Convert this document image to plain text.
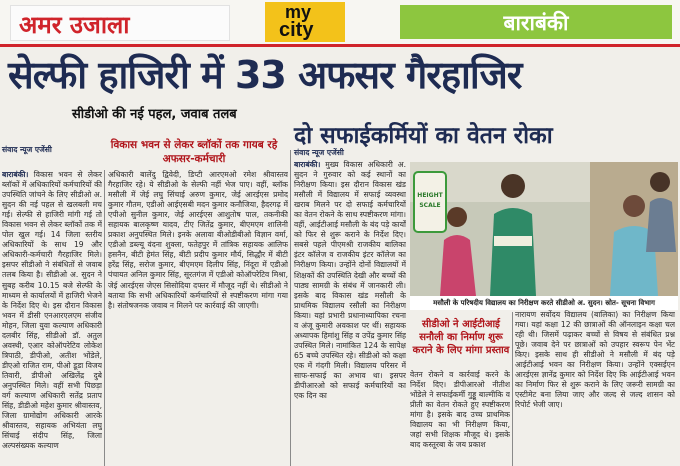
अमर उजाला	my
city	बाराबंकी
सेल्फी हाजिरी में 33 अफसर गैरहाजिर
सीडीओ की नई पहल, जवाब तलब
दो सफाईकर्मियों का वेतन रोका
विकास भवन से लेकर ब्लॉकों तक गायब रहे अफसर-कर्मचारी
संवाद न्यूज एजेंसी

बाराबंकी। विकास भवन से लेकर ब्लॉकों में अधिकारियों कर्मचारियों की उपस्थिति जांचने के लिए सीडीओ अ. सुदन की नई पहल से खलबली मच गई। सेल्फी से हाजिरी मांगी गई तो विकास भवन से लेकर ब्लॉकों तक में पोल खुल गई। 14 जिला स्तरीय अधिकारियों के साथ 19 और अधिकारी-कर्मचारी गैरहाजिर मिले। इसपर सीडीओ ने संबंधितों से जवाब तलब किया है। सीडीओ अ. सुदन ने सुबह करीब 10.15 बजे सेल्फी के माध्यम से कार्यालयों में हाजिरी भेजने के निर्देश दिए थे। इस दौरान विकास भवन में डीसी एनआरएलएम संजीव मोहन, जिला युवा कल्याण अधिकारी दलबीर सिंह, सीडीओ डॉ. अतुल अवस्थी, एआर कोऑपरेटिव लोकेश त्रिपाठी, डीपीओ, अतीश भोंडेले, डीएओ राजित राम, पीओ डूडा विजय तिवारी, डीपीओ अखिलेंद्र दुबे अनुपस्थित मिले। वहीं सभी पिछड़ा वर्ग कल्याण अधिकारी सतेंद्र प्रताप सिंह, डीडीओ महेश कुमार श्रीवास्तव, जिला ग्रामोद्योग अधिकारी आरके श्रीवास्तव, सहायक अभियंता लघु सिंचाई संदीप सिंह, जिला अल्पसंख्यक कल्याण

अधिकारी बालेंदु द्विवेदी, डिप्टी आरएमओ रमेश श्रीवास्तव गैरहाजिर रहे। ये सीडीओ के सेल्फी नहीं भेज पाए। वहीं, ब्लॉक मसौली में जेई लघु सिंचाई अरुण कुमार, जेई आरईएस प्रमोद कुमार गौतम, एडीओ आईएसबी मदन कुमार कनौजिया, हैदरगढ़ में एपीओ सुनील कुमार, जेई आरईएस आशुतोष पाल, तकनीकी सहायक बालकृष्ण यादव, टीए जितेंद्र कुमार, बीएमएम शालिनी प्रकाश अनुपस्थित मिले। इनके अलावा बीओडीबीओ विज्ञान वर्मा, एडीओ डब्ल्यू वंदना शुक्ला, फतेहपुर में तांत्रिक सहायक आलिफ हसनैन, बीटी हेमंत सिंह, बीटी प्रदीप कुमार मौर्य, सिद्धौर में बीटी हरेंद्र सिंह, सरोज कुमार, बीएमएम दिलीप सिंह, निंदूरा में एडीओ पंचायत अनिल कुमार सिंह, सूरतगंज में एडीओ कोऑपरेटिव मिश्रा, जेई आरईएस जेएस सिसोदिया दफ्तर में मौजूद नहीं थे। सीडीओ ने बताया कि सभी अधिकारियों कर्मचारियों से स्पष्टीकरण मांगा गया है। संतोषजनक जवाब न मिलने पर कार्रवाई की जाएगी।

संवाद न्यूज एजेंसी

बाराबंकी। मुख्य विकास अधिकारी अ. सुदन ने गुरुवार को कई स्थानों का निरीक्षण किया। इस दौरान विकास खंड मसौली में विद्यालय में सफाई व्यवस्था खराब मिलने पर दो सफाई कर्मचारियों का वेतन रोकने के साथ स्पष्टीकरण मांगा। वहीं, आईटीआई मसौली के बंद पड़े कार्यों को फिर से शुरू कराने के निर्देश दिए। सबसे पहले पीएमश्री राजकीय बालिका इंटर कॉलेज व राजकीय इंटर कॉलेज का निरीक्षण किया। उन्होंने दोनों विद्यालयों में शिक्षकों की उपस्थिति देखी और बच्चों की पाठ्य सामग्री के संबंध में जानकारी ली। इसके बाद विकास खंड मसौली के प्राथमिक विद्यालय रसौली का निरीक्षण किया। यहां प्रभारी प्रधानाध्यापिका रचना व अंजू कुमारी अवकाश पर थीं। सहायक अध्यापक हिमांशु सिंह व उपेंद्र कुमार सिंह उपस्थित मिले। नामांकित 124 के सापेक्ष 65 बच्चे उपस्थित रहे। सीडीओ को कक्षा एक में गंदगी मिली। विद्यालय परिसर में साफ-सफाई का अभाव था। इसपर डीपीआरओ को सफाई कर्मचारियों का एक दिन का

HEIGHT
SCALE
मसौली के परिषदीय विद्यालय का निरीक्षण करते सीडीओ अ. सुदन। स्रोत- सूचना विभाग
सीडीओ ने आईटीआई सनौली का निर्माण शुरू कराने के लिए मांगा प्रस्ताव

वेतन रोकने व कार्रवाई करने के निर्देश दिए। डीपीआरओ नीतीश भोंडेले ने सफाईकर्मी गुड्डू बाल्मीकि व प्रीती का वेतन रोकते हुए स्पष्टीकरण मांगा है। इसके बाद उच्च प्राथमिक विद्यालय का भी निरीक्षण किया, जहां सभी शिक्षक मौजूद थे। इसके बाद कस्तूरबा के जय प्रकाश

नारायण सर्वोदय विद्यालय (बालिका) का निरीक्षण किया गया। यहां कक्षा 12 की छात्राओं की ऑनलाइन कक्षा चल रही थी। जिसमें पढ़ाकर बच्चों से विषय से संबंधित प्रश्न पूछे। जवाब देने पर छात्राओं को उपहार स्वरूप पेन भेंट किए। इसके साथ ही सीडीओ ने मसौली में बंद पड़े आईटीआई भवन का निरीक्षण किया। उन्होंने एक्सईएन आरईएस ज्ञानेंद्र कुमार को निर्देश दिए कि आईटीआई भवन का निर्माण फिर से शुरू कराने के लिए जरूरी सामग्री का एस्टीमेट बना लिया जाए और जल्द से जल्द शासन को रिपोर्ट भेजी जाए।
